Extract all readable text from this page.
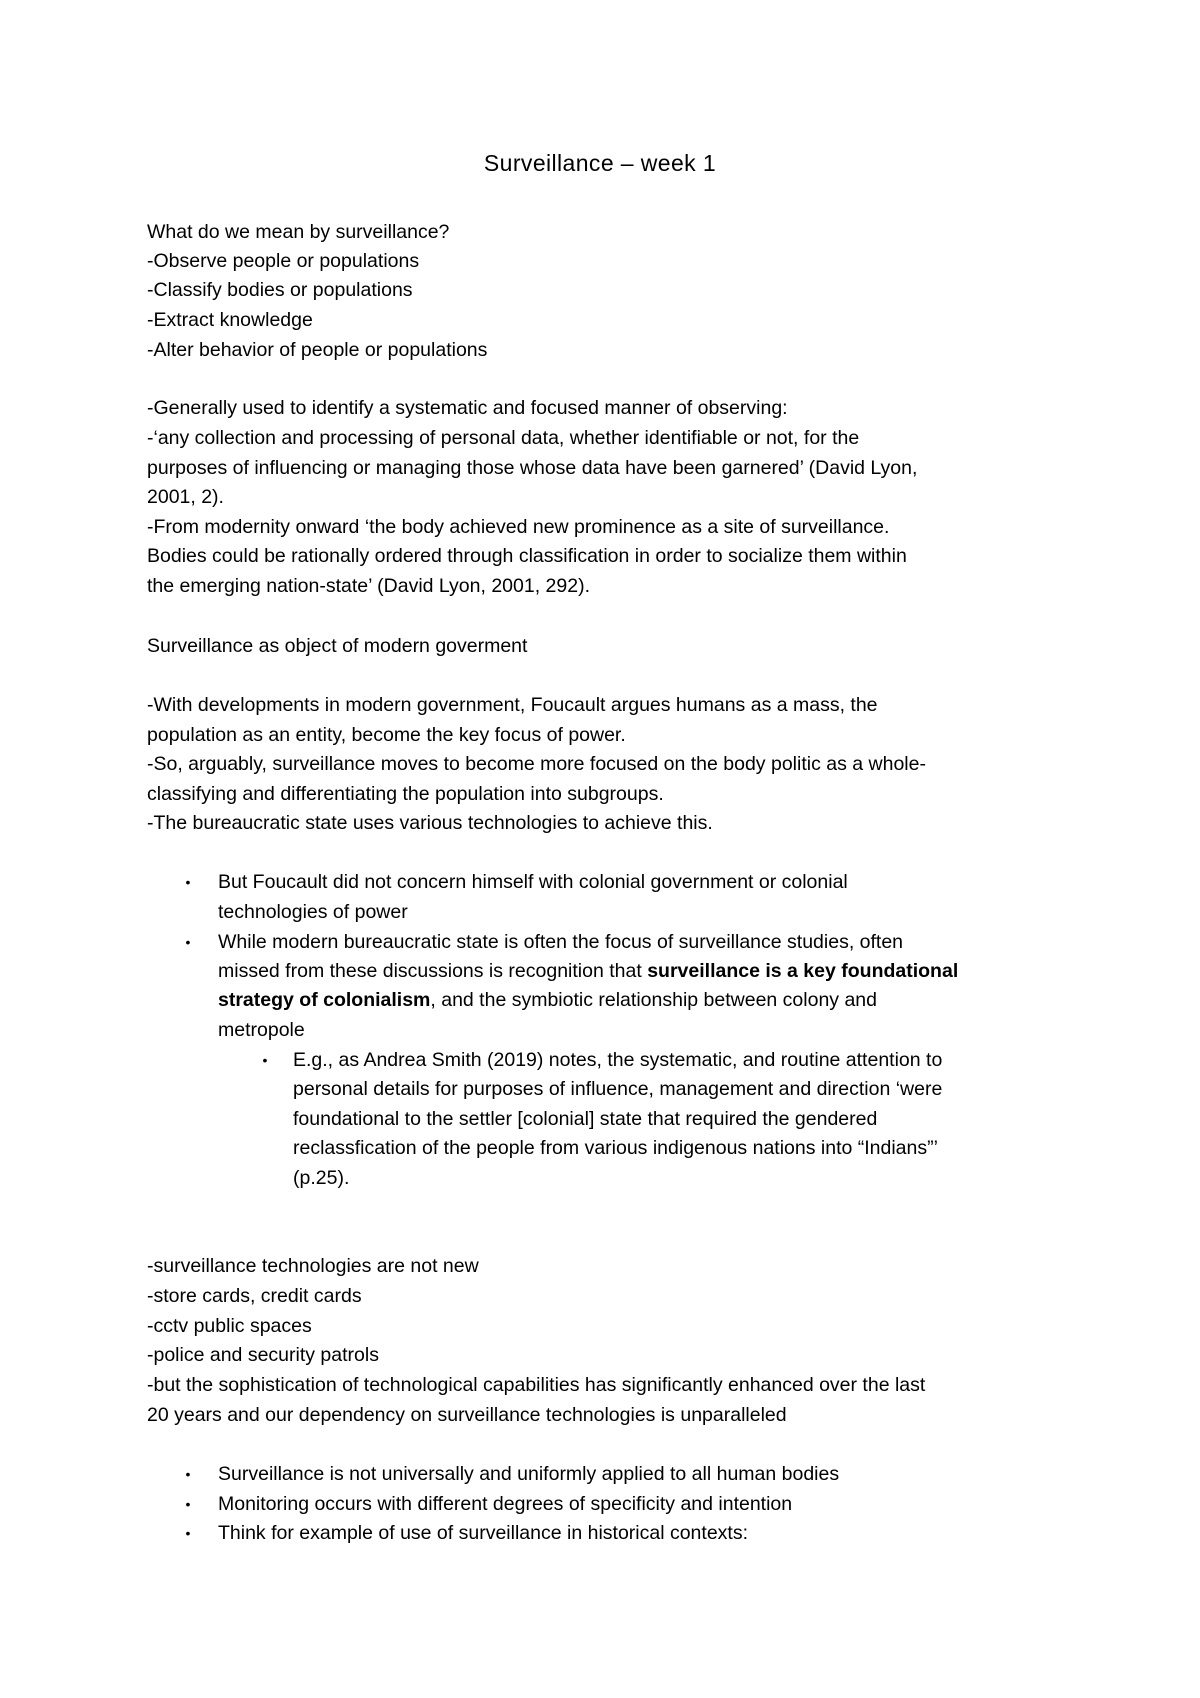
Surveillance – week 1
What do we mean by surveillance?
-Observe people or populations
-Classify bodies or populations
-Extract knowledge
-Alter behavior of people or populations
-Generally used to identify a systematic and focused manner of observing:
-‘any collection and processing of personal data, whether identifiable or not, for the
purposes of influencing or managing those whose data have been garnered’ (David Lyon,
2001, 2).
-From modernity onward ‘the body achieved new prominence as a site of surveillance.
Bodies could be rationally ordered through classification in order to socialize them within
the emerging nation-state’ (David Lyon, 2001, 292).
Surveillance as object of modern goverment
-With developments in modern government, Foucault argues humans as a mass, the
population as an entity, become the key focus of power.
-So, arguably, surveillance moves to become more focused on the body politic as a whole-
classifying and differentiating the population into subgroups.
-The bureaucratic state uses various technologies to achieve this.
•	But Foucault did not concern himself with colonial government or colonial
technologies of power
•	While modern bureaucratic state is often the focus of surveillance studies, often
missed from these discussions is recognition that surveillance is a key foundational
strategy of colonialism, and the symbiotic relationship between colony and
metropole
•	E.g., as Andrea Smith (2019) notes, the systematic, and routine attention to
personal details for purposes of influence, management and direction ‘were
foundational to the settler [colonial] state that required the gendered
reclassfication of the people from various indigenous nations into “Indians”’
(p.25).
-surveillance technologies are not new
-store cards, credit cards
-cctv public spaces
-police and security patrols
-but the sophistication of technological capabilities has significantly enhanced over the last
20 years and our dependency on surveillance technologies is unparalleled
•	Surveillance is not universally and uniformly applied to all human bodies
•	Monitoring occurs with different degrees of specificity and intention
•	Think for example of use of surveillance in historical contexts:
